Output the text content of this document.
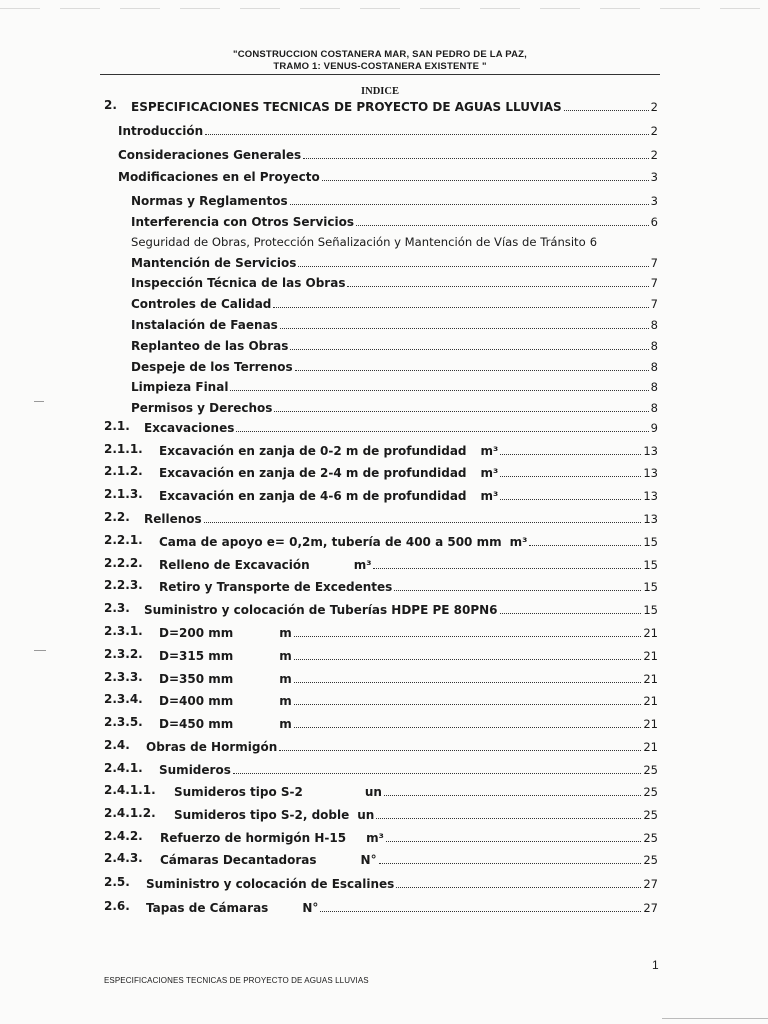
"CONSTRUCCION COSTANERA MAR, SAN PEDRO DE LA PAZ,
TRAMO 1: VENUS-COSTANERA EXISTENTE "
INDICE
2. ESPECIFICACIONES TECNICAS DE PROYECTO DE AGUAS LLUVIAS	2
Introducción	2
Consideraciones Generales	2
Modificaciones en el Proyecto	3
Normas y Reglamentos	3
Interferencia con Otros Servicios	6
Seguridad de Obras, Protección Señalización y Mantención de Vías de Tránsito 6
Mantención de Servicios	7
Inspección Técnica de las Obras	7
Controles de Calidad	7
Instalación de Faenas	8
Replanteo de las Obras	8
Despeje de los Terrenos	8
Limpieza Final	8
Permisos y Derechos	8
2.1. Excavaciones	9
2.1.1. Excavación en zanja de 0-2 m de profundidad m³	13
2.1.2. Excavación en zanja de 2-4 m de profundidad m³	13
2.1.3. Excavación en zanja de 4-6 m de profundidad m³	13
2.2. Rellenos	13
2.2.1. Cama de apoyo e= 0,2m, tubería de 400 a 500 mm m³	15
2.2.2. Relleno de Excavación	m³	15
2.2.3. Retiro y Transporte de Excedentes	15
2.3. Suministro y colocación de Tuberías HDPE PE 80PN6	15
2.3.1. D=200 mm	m	21
2.3.2. D=315 mm	m	21
2.3.3. D=350 mm	m	21
2.3.4. D=400 mm	m	21
2.3.5. D=450 mm	m	21
2.4. Obras de Hormigón	21
2.4.1. Sumideros	25
2.4.1.1. Sumideros tipo S-2	un	25
2.4.1.2. Sumideros tipo S-2, doble un	25
2.4.2. Refuerzo de hormigón H-15 m³	25
2.4.3. Cámaras Decantadoras	N°	25
2.5. Suministro y colocación de Escalines	27
2.6. Tapas de Cámaras	N°	27
1
ESPECIFICACIONES TECNICAS DE PROYECTO DE AGUAS LLUVIAS
